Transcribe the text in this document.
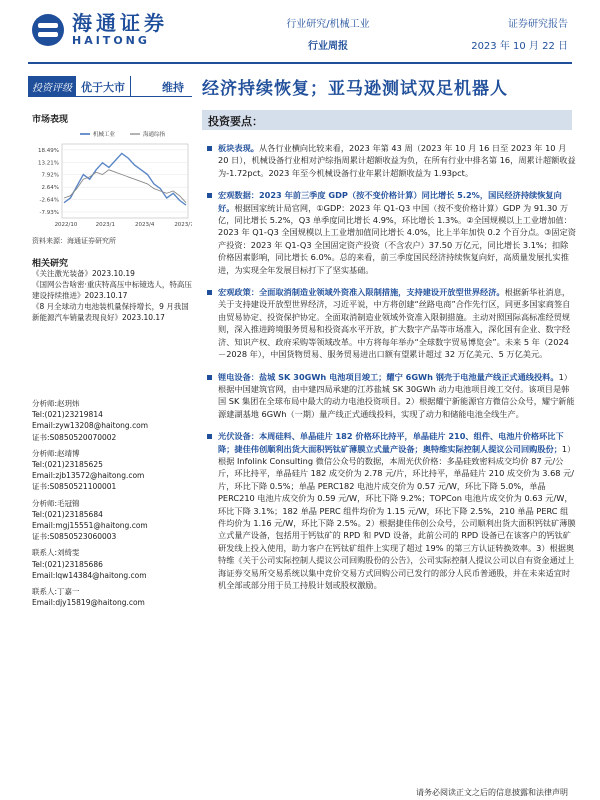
海通证券
HAITONG
行业研究/机械工业
行业周报
证券研究报告
2023 年 10 月 22 日
投资评级 优于大市	维持	经济持续恢复；亚马逊测试双足机器人
市场表现
18.49%
13.21%
7.92%
2.64%
-2.64%
-7.93%
2022/10	2023/1	2023/4	2023/7
机械工业	海通综指
资料来源：海通证券研究所
相关研究
《关注激光装备》2023.10.19
《国网公告啥密·重庆特高压中标镜选人，特高压建设持续推进》2023.10.17
《8 月全球动力电池装机量保持增长，9 月我国新能源汽车销量表现良好》2023.10.17
分析师:赵玥炜
Tel:(021)23219814
Email:zyw13208@haitong.com
证书:S0850520070002
分析师:赵靖博
Tel:(021)23185625
Email:zjb13572@haitong.com
证书:S0850521100001
分析师:毛冠锦
Tel:(021)23185684
Email:mgj15551@haitong.com
证书:S0850523060003
联系人:刘绮雯
Tel:(021)23185686
Email:lqw14384@haitong.com
联系人:丁嘉一
Email:djy15819@haitong.com
投资要点：
板块表现。从各行业横向比较来看，2023 年第 43 周（2023 年 10 月 16 日至 2023 年 10 月 20 日），机械设备行业相对沪综指周累计超额收益为负，在所有行业中排名第 16，周累计超额收益为-1.72pct。2023 年至今机械设备行业年累计超额收益为 1.93pct。
宏观数据：2023 年前三季度 GDP（按不变价格计算）同比增长 5.2%，国民经济持续恢复向好。根据国家统计局官网，①GDP：2023 年 Q1-Q3 中国（按不变价格计算）GDP 为 91.30 万亿，同比增长 5.2%，Q3 单季度同比增长 4.9%，环比增长 1.3%。②全国规模以上工业增加值：2023 年 Q1-Q3 全国规模以上工业增加值同比增长 4.0%，比上半年加快 0.2 个百分点。③固定资产投资：2023 年 Q1-Q3 全国固定资产投资（不含农户）37.50 万亿元，同比增长 3.1%；扣除价格因素影响，同比增长 6.0%。总的来看，前三季度国民经济持续恢复向好，高质量发展扎实推进，为实现全年发展目标打下了坚实基础。
宏观政策：全面取消制造业领域外资准入限制措施，支持建设开放型世界经济。根据新华社消息，关于支持建设开放型世界经济，习近平说，中方将创建“丝路电商”合作先行区，同更多国家商签自由贸易协定、投资保护协定。全面取消制造业领域外资准入限制措施。主动对照国际高标准经贸规则，深入推进跨境服务贸易和投资高水平开放，扩大数字产品等市场准入，深化国有企业、数字经济、知识产权、政府采购等领域改革。中方将每年举办“全球数字贸易博览会”。未来 5 年（2024－2028 年），中国货物贸易、服务贸易进出口额有望累计超过 32 万亿美元、5 万亿美元。
锂电设备：盐城 SK 30GWh 电池项目竣工；耀宁 6GWh 钢壳于电池量产线正式通线投料。1）根据中国建筑官网，由中建四局承建的江苏盐城 SK 30GWh 动力电池项目竣工交付。该项目是韩国 SK 集团在全球布局中最大的动力电池投资项目。2）根据耀宁新能源官方微信公众号，耀宁新能源建湖基地 6GWh（一期）量产线正式通线投料，实现了动力和储能电池全线生产。
光伏设备：本周硅料、单晶硅片 182 价格环比持平，单晶硅片 210、组件、电池片价格环比下降；捷佳伟创顺利出货大面积钙钛矿薄膜立式量产设备；奥特维实际控制人提议公司回购股份；1）根据 Infolink Consulting 微信公众号的数据，本周光伏价格：多晶硅致密料成交均价 87 元/公斤，环比持平，单晶硅片 182 成交价为 2.78 元/片，环比持平，单晶硅片 210 成交价为 3.68 元/片，环比下降 0.5%；单晶 PERC182 电池片成交价为 0.57 元/W，环比下降 5.0%，单晶 PERC210 电池片成交价为 0.59 元/W，环比下降 9.2%；TOPCon 电池片成交价为 0.63 元/W，环比下降 3.1%；182 单晶 PERC 组件均价为 1.15 元/W，环比下降 2.5%，210 单晶 PERC 组件均价为 1.16 元/W，环比下降 2.5%。2）根据捷佳伟创公众号，公司顺利出货大面积钙钛矿薄膜立式量产设备，包括用于钙钛矿的 RPD 和 PVD 设备，此前公司的 RPD 设备已在该客户的钙钛矿研发线上投入使用，助力客户在钙钛矿组件上实现了超过 19% 的第三方认证转换效率。3）根据奥特维《关于公司实际控制人提议公司回购股份的公告》，公司实际控制人提议公司以自有资金通过上海证券交易所交易系统以集中竞价交易方式回购公司已发行的部分人民币普通股，并在未来适宜时机全部或部分用于员工持股计划或股权激励。
请务必阅读正文之后的信息披露和法律声明
